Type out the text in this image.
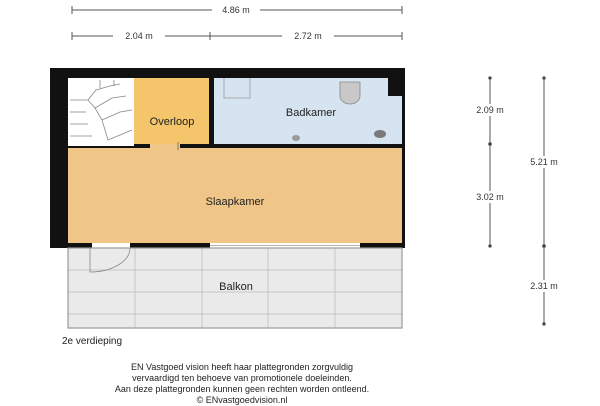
4.86 m
2.04 m	2.72 m
Overloop
Badkamer
Slaapkamer
Balkon
2.09 m
3.02 m
5.21 m
2.31 m
2e verdieping
EN Vastgoed vision heeft haar plattegronden zorgvuldig
vervaardigd ten behoeve van promotionele doeleinden.
Aan deze plattegronden kunnen geen rechten worden ontleend.
© ENvastgoedvision.nl
